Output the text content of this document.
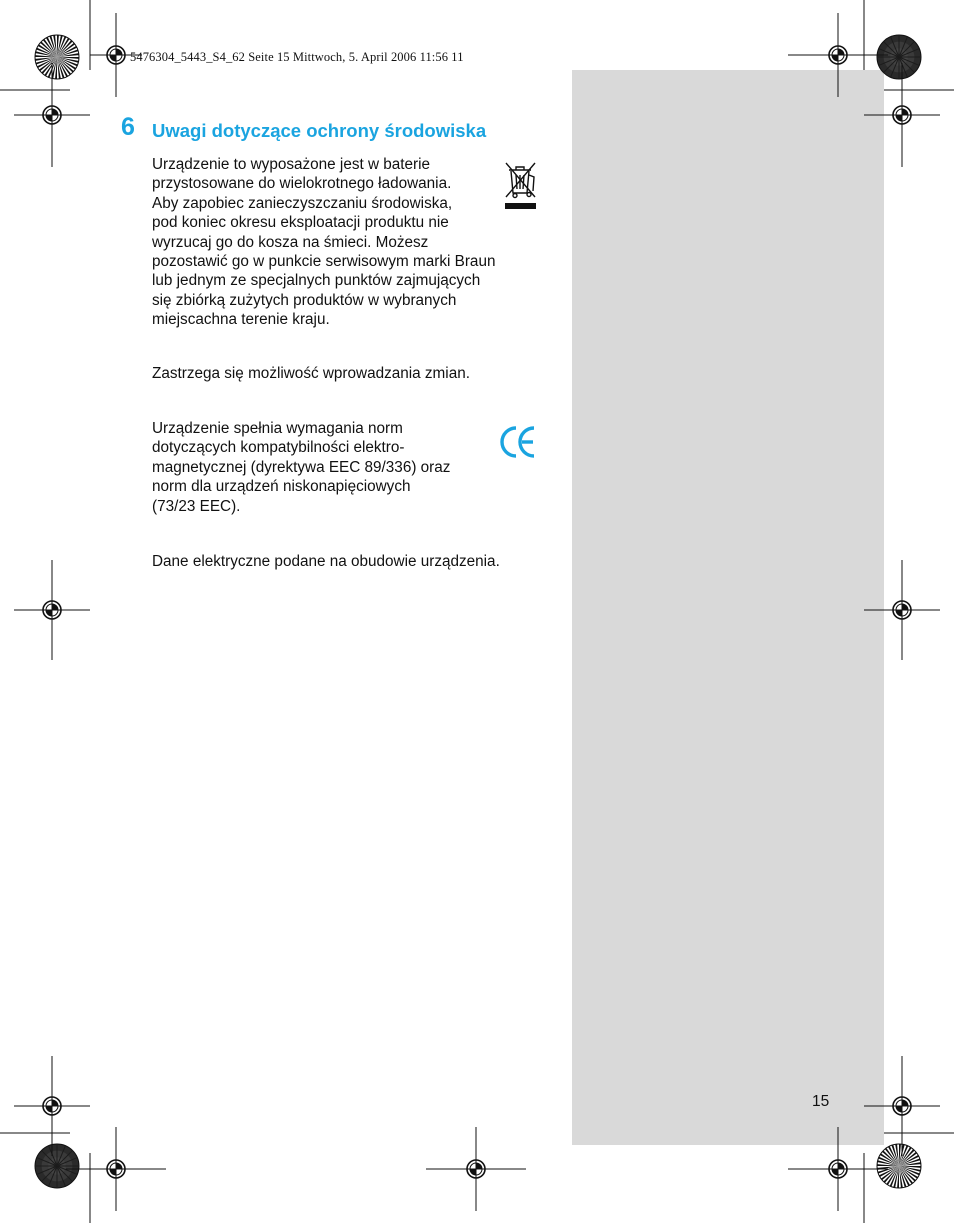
5476304_5443_S4_62 Seite 15 Mittwoch, 5. April 2006 11:56 11
6 Uwagi dotyczące ochrony środowiska
Urządzenie to wyposażone jest w baterie
przystosowane do wielokrotnego ładowania.
Aby zapobiec zanieczyszczaniu środowiska,
pod koniec okresu eksploatacji produktu nie
wyrzucaj go do kosza na śmieci. Możesz
pozostawić go w punkcie serwisowym marki Braun
lub jednym ze specjalnych punktów zajmujących
się zbiórką zużytych produktów w wybranych
miejscachna terenie kraju.
Zastrzega się możliwość wprowadzania zmian.
Urządzenie spełnia wymagania norm
dotyczących kompatybilności elektro-
magnetycznej (dyrektywa EEC 89/336) oraz
norm dla urządzeń niskonapięciowych
(73/23 EEC).
Dane elektryczne podane na obudowie urządzenia.
15
